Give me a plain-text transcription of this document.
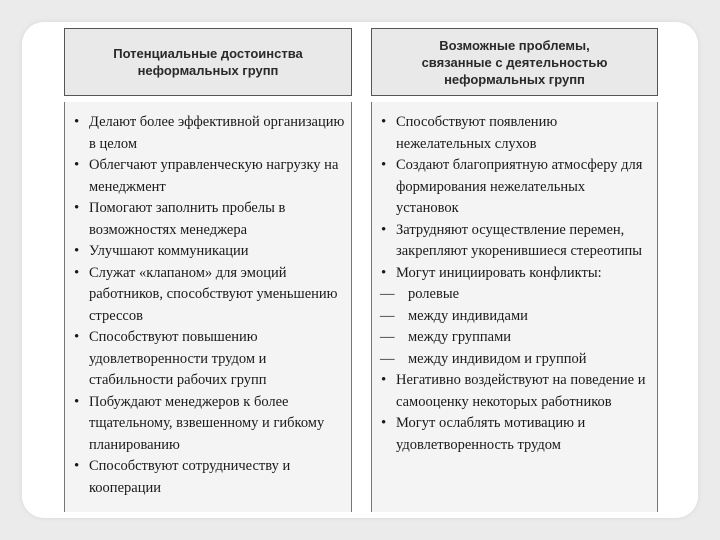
Потенциальные достоинства
неформальных групп
• Делают более эффективной организацию в целом
• Облегчают управленческую нагрузку на менеджмент
• Помогают заполнить пробелы в возможностях менеджера
• Улучшают коммуникации
• Служат «клапаном» для эмоций работников, способствуют уменьшению стрессов
• Способствуют повышению удовлетворенности трудом и стабильности рабочих групп
• Побуждают менеджеров к более тщательному, взвешенному и гибкому планированию
• Способствуют сотрудничеству и кооперации
Возможные проблемы,
связанные с деятельностью
неформальных групп
• Способствуют появлению нежелательных слухов
• Создают благоприятную атмосферу для формирования нежелательных установок
• Затрудняют осуществление перемен, закрепляют укоренившиеся стереотипы
• Могут инициировать конфликты:
— ролевые
— между индивидами
— между группами
— между индивидом и группой
• Негативно воздействуют на поведение и самооценку некоторых работников
• Могут ослаблять мотивацию и удовлетворенность трудом
